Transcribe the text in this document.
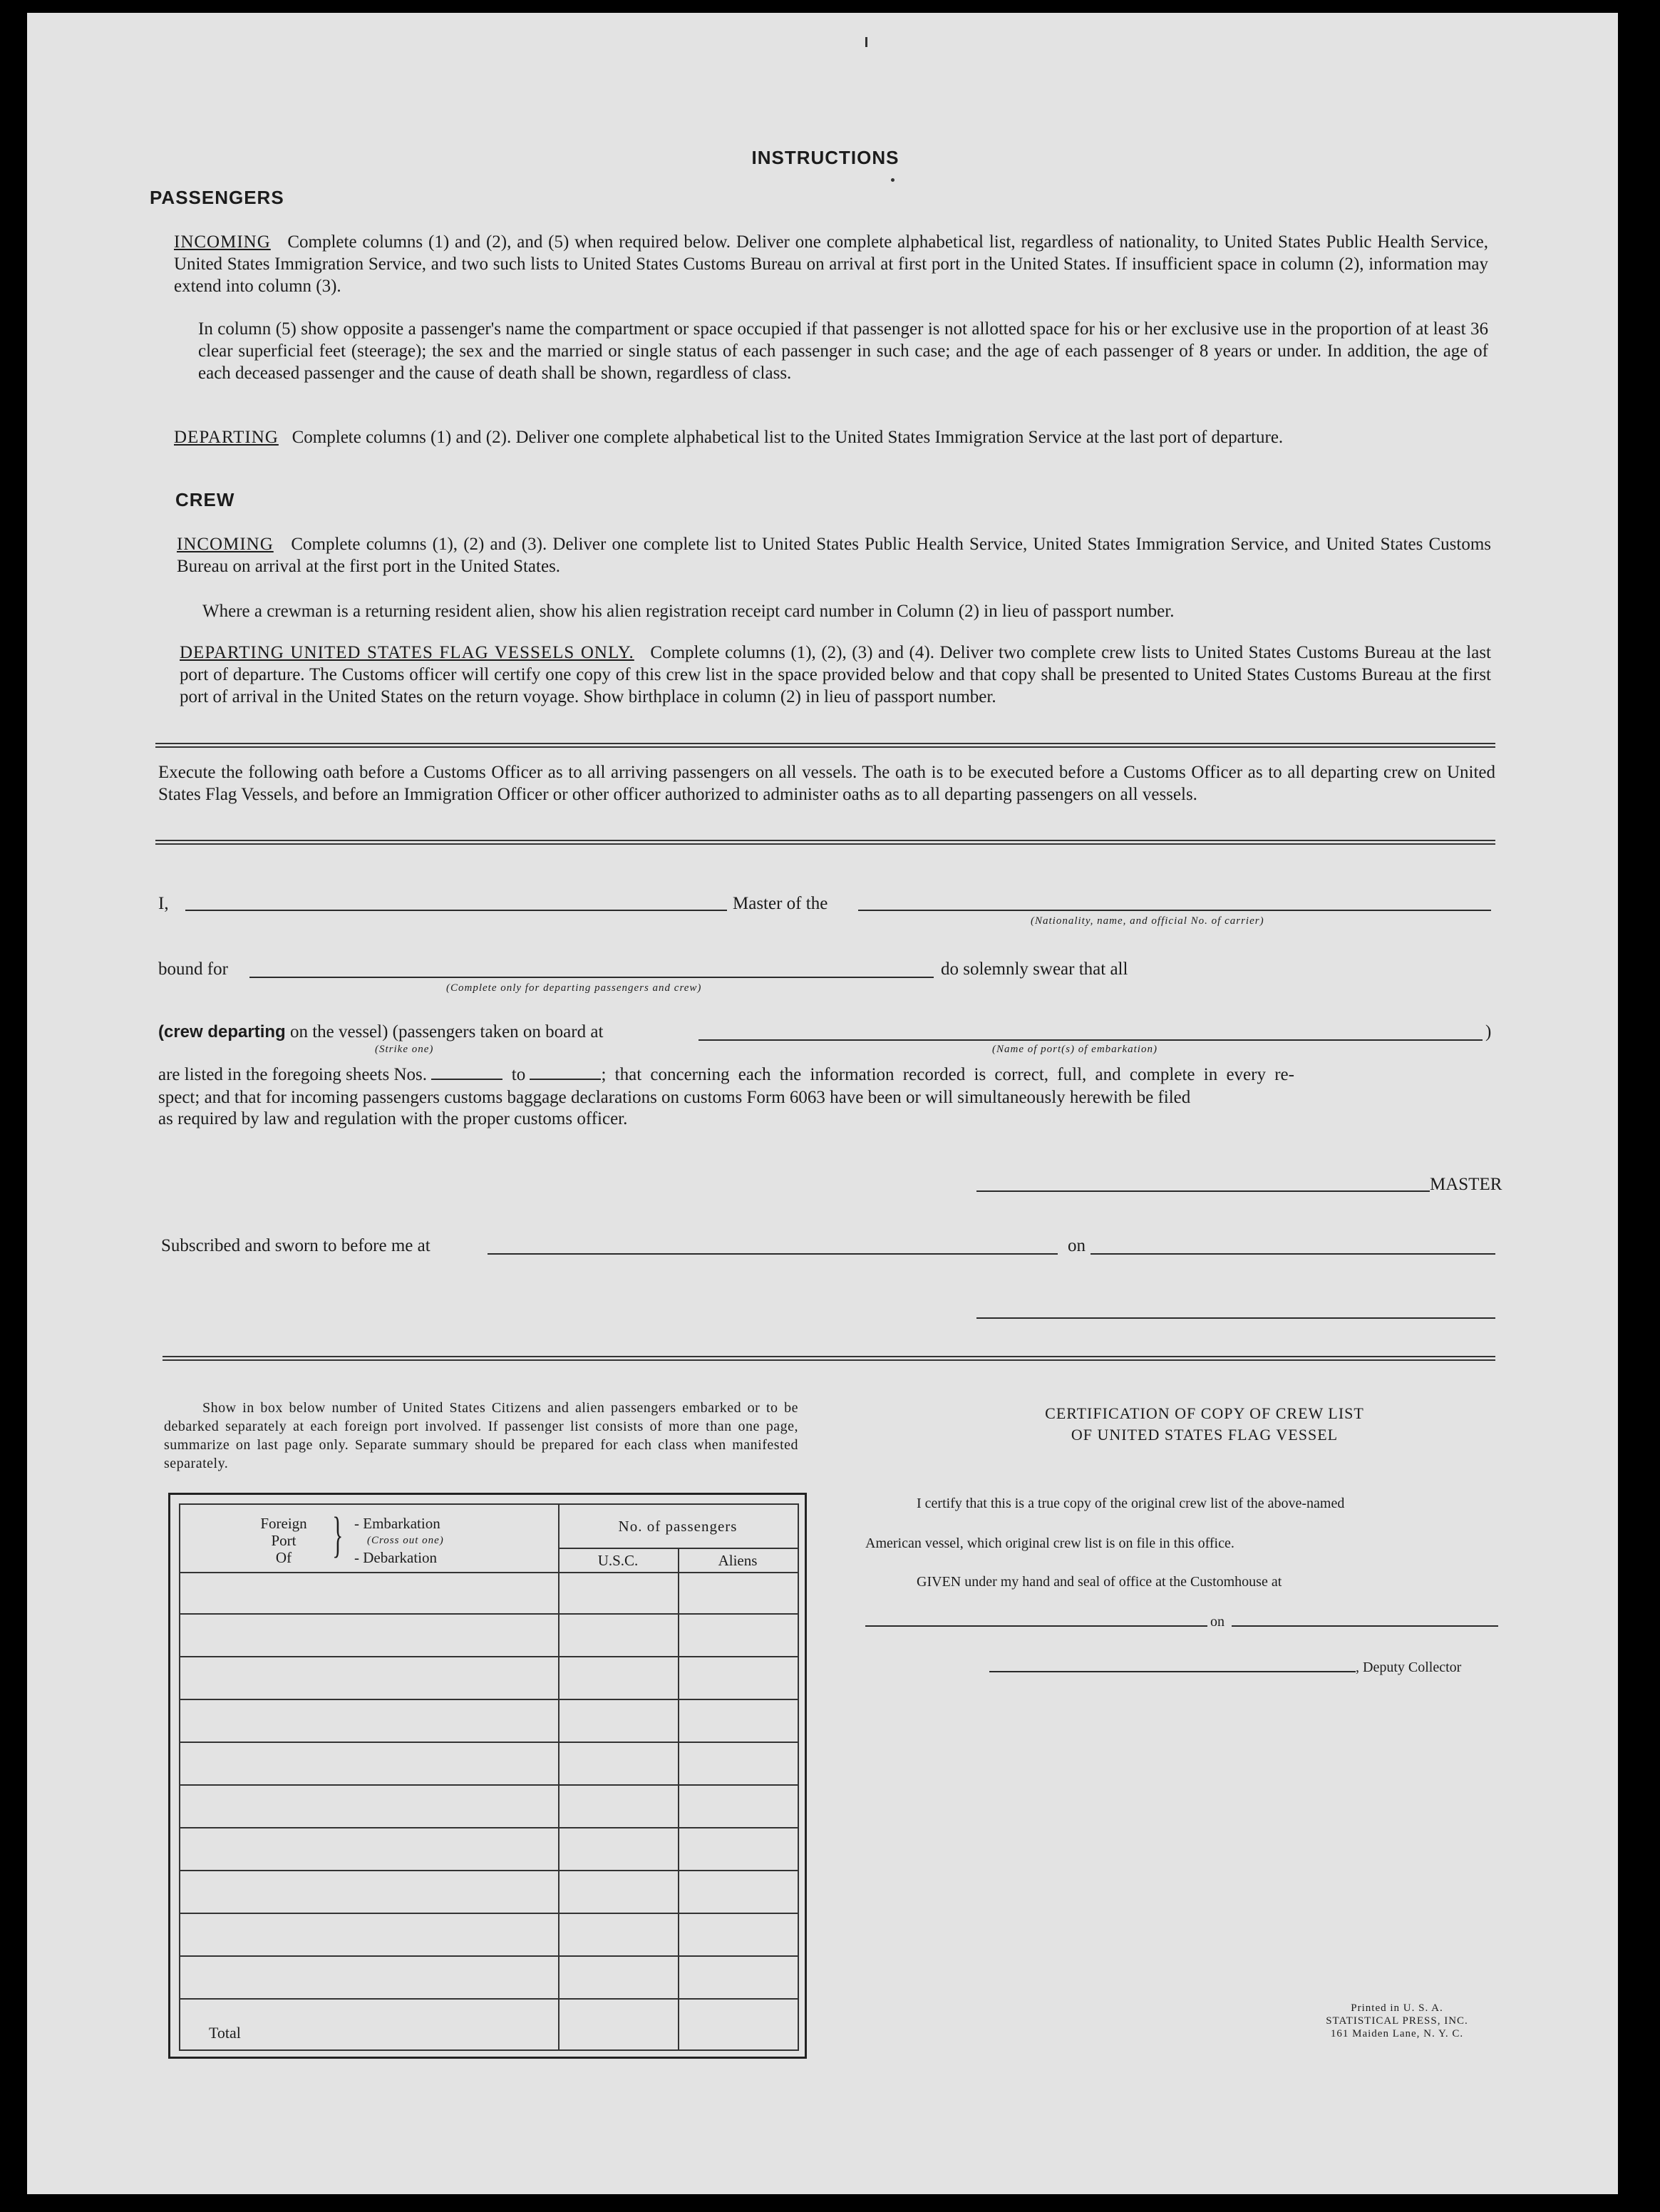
INSTRUCTIONS
PASSENGERS
INCOMING Complete columns (1) and (2), and (5) when required below. Deliver one complete alphabetical list, regardless of nationality, to United States Public Health Service, United States Immigration Service, and two such lists to United States Customs Bureau on arrival at first port in the United States. If insufficient space in column (2), information may extend into column (3).
In column (5) show opposite a passenger's name the compartment or space occupied if that passenger is not allotted space for his or her exclusive use in the proportion of at least 36 clear superficial feet (steerage); the sex and the married or single status of each passenger in such case; and the age of each passenger of 8 years or under. In addition, the age of each deceased passenger and the cause of death shall be shown, regardless of class.
DEPARTING Complete columns (1) and (2). Deliver one complete alphabetical list to the United States Immigration Service at the last port of departure.
CREW
INCOMING Complete columns (1), (2) and (3). Deliver one complete list to United States Public Health Service, United States Immigration Service, and United States Customs Bureau on arrival at the first port in the United States.
Where a crewman is a returning resident alien, show his alien registration receipt card number in Column (2) in lieu of passport number.
DEPARTING UNITED STATES FLAG VESSELS ONLY. Complete columns (1), (2), (3) and (4). Deliver two complete crew lists to United States Customs Bureau at the last port of departure. The Customs officer will certify one copy of this crew list in the space provided below and that copy shall be presented to United States Customs Bureau at the first port of arrival in the United States on the return voyage. Show birthplace in column (2) in lieu of passport number.
Execute the following oath before a Customs Officer as to all arriving passengers on all vessels. The oath is to be executed before a Customs Officer as to all departing crew on United States Flag Vessels, and before an Immigration Officer or other officer authorized to administer oaths as to all departing passengers on all vessels.
I,	Master of the
(Nationality, name, and official No. of carrier)
bound for
(Complete only for departing passengers and crew)
do solemnly swear that all
(crew departing on the vessel) (passengers taken on board at	)
(Strike one)	(Name of port(s) of embarkation)
are listed in the foregoing sheets Nos.	to	; that concerning each the information recorded is correct, full, and complete in every re-
spect; and that for incoming passengers customs baggage declarations on customs Form 6063 have been or will simultaneously herewith be filed
as required by law and regulation with the proper customs officer.
MASTER
Subscribed and sworn to before me at	on
Show in box below number of United States Citizens and alien passengers embarked or to be debarked separately at each foreign port involved. If passenger list consists of more than one page, summarize on last page only. Separate summary should be prepared for each class when manifested separately.
Foreign
Port
Of } - Embarkation
(Cross out one)
- Debarkation
No. of passengers
U.S.C.	Aliens
Total
CERTIFICATION OF COPY OF CREW LIST
OF UNITED STATES FLAG VESSEL
I certify that this is a true copy of the original crew list of the above-named
American vessel, which original crew list is on file in this office.
GIVEN under my hand and seal of office at the Customhouse at
on
, Deputy Collector
Printed in U. S. A.
STATISTICAL PRESS, INC.
161 Maiden Lane, N. Y. C.
